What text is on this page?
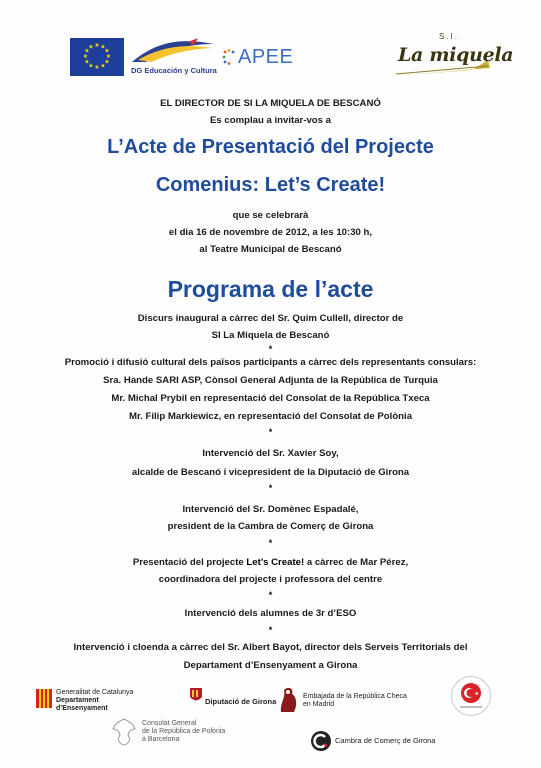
★ ★
★
★
★
★
★
★
★
★
★
★
DG Educación y Cultura
APEE
S.I.
La miquela
EL DIRECTOR DE SI LA MIQUELA DE BESCANÓ
Es complau a invitar-vos a
L’Acte de Presentació del Projecte
Comenius: Let’s Create!
que se celebrarà
el dia 16 de novembre de 2012, a les 10:30 h,
al Teatre Municipal de Bescanó
Programa de l’acte
Discurs inaugural a càrrec del Sr. Quim Cullell, director de
SI La Miquela de Bescanó
*
Promoció i difusió cultural dels països participants a càrrec dels representants consulars:
Sra. Hande SARI ASP, Cònsol General Adjunta de la República de Turquia
Mr. Michal Prybil en representació del Consolat de la República Txeca
Mr. Filip Markiewicz, en representació del Consolat de Polònia
*
Intervenció del Sr. Xavier Soy,
alcalde de Bescanó i vicepresident de la Diputació de Girona
*
Intervenció del Sr. Domènec Espadalé,
president de la Cambra de Comerç de Girona
*
Presentació del projecte Let’s Create! a càrrec de Mar Pérez,
coordinadora del projecte i professora del centre
*
Intervenció dels alumnes de 3r d’ESO
*
Intervenció i cloenda a càrrec del Sr. Albert Bayot, director dels Serveis Territorials del
Departament d’Ensenyament a Girona
Generalitat de Catalunya
Departament
d’Ensenyament
Diputació de Girona
Embajada de la República Checa
en Madrid
★
Consolat General
de la República de Polònia
a Barcelona	Cambra de Comerç de Girona
